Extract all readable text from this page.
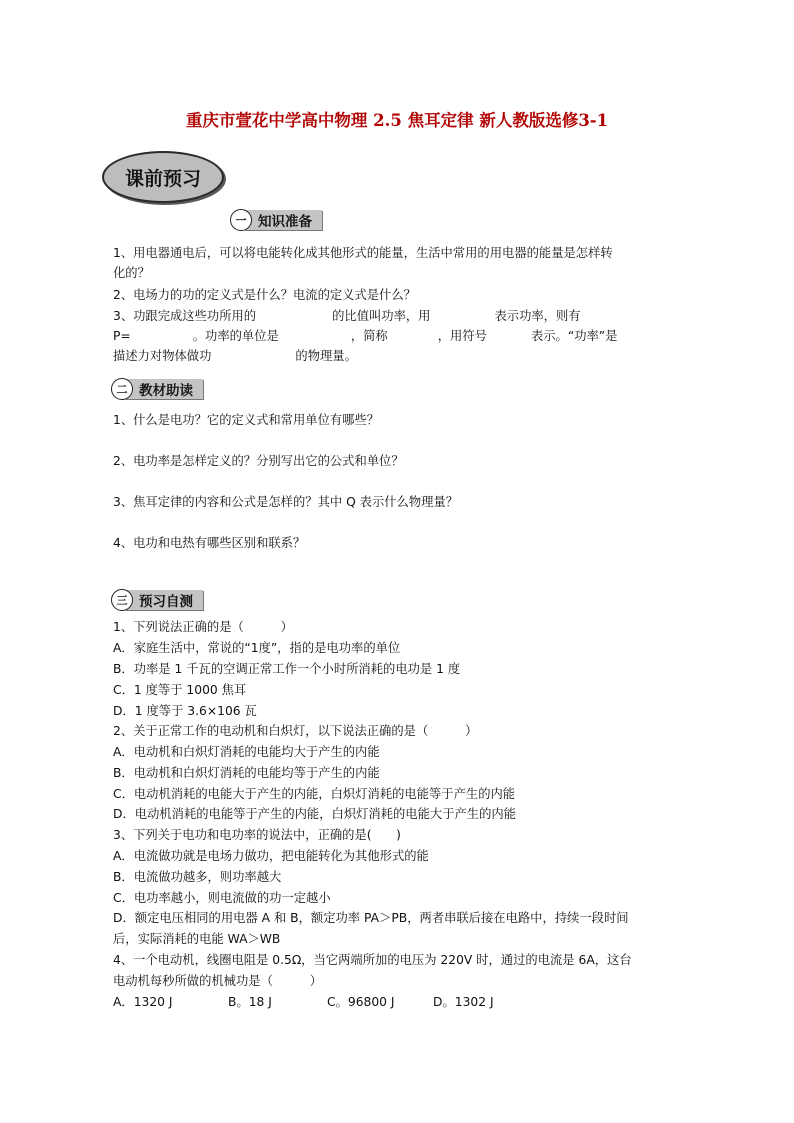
重庆市萱花中学高中物理 2.5 焦耳定律 新人教版选修3-1
课前预习
一 知识准备
1、用电器通电后，可以将电能转化成其他形式的能量，生活中常用的用电器的能量是怎样转
化的？
2、电场力的功的定义式是什么？电流的定义式是什么？
3、功跟完成这些功所用的	的比值叫功率，用	表示功率，则有
P=	。功率的单位是	，简称	，用符号	表示。“功率”是
描述力对物体做功	的物理量。
二 教材助读
1、什么是电功？它的定义式和常用单位有哪些？
2、电功率是怎样定义的？分别写出它的公式和单位？
3、焦耳定律的内容和公式是怎样的？其中 Q 表示什么物理量？
4、电功和电热有哪些区别和联系？
三 预习自测
1、下列说法正确的是（　　　）
A．家庭生活中，常说的“1度”，指的是电功率的单位
B．功率是 1 千瓦的空调正常工作一个小时所消耗的电功是 1 度
C．1 度等于 1000 焦耳
D．1 度等于 3.6×106 瓦
2、关于正常工作的电动机和白炽灯，以下说法正确的是（　　　）
A．电动机和白炽灯消耗的电能均大于产生的内能
B．电动机和白炽灯消耗的电能均等于产生的内能
C．电动机消耗的电能大于产生的内能，白炽灯消耗的电能等于产生的内能
D．电动机消耗的电能等于产生的内能，白炽灯消耗的电能大于产生的内能
3、下列关于电功和电功率的说法中，正确的是(　　)
A．电流做功就是电场力做功，把电能转化为其他形式的能
B．电流做功越多，则功率越大
C．电功率越小，则电流做的功一定越小
D．额定电压相同的用电器 A 和 B，额定功率 PA＞PB，两者串联后接在电路中，持续一段时间
后，实际消耗的电能 WA＞WB
4、一个电动机，线圈电阻是 0.5Ω，当它两端所加的电压为 220V 时，通过的电流是 6A，这台
电动机每秒所做的机械功是（　　　）
A．1320 J	B。18 J	C。96800 J	D。1302 J
